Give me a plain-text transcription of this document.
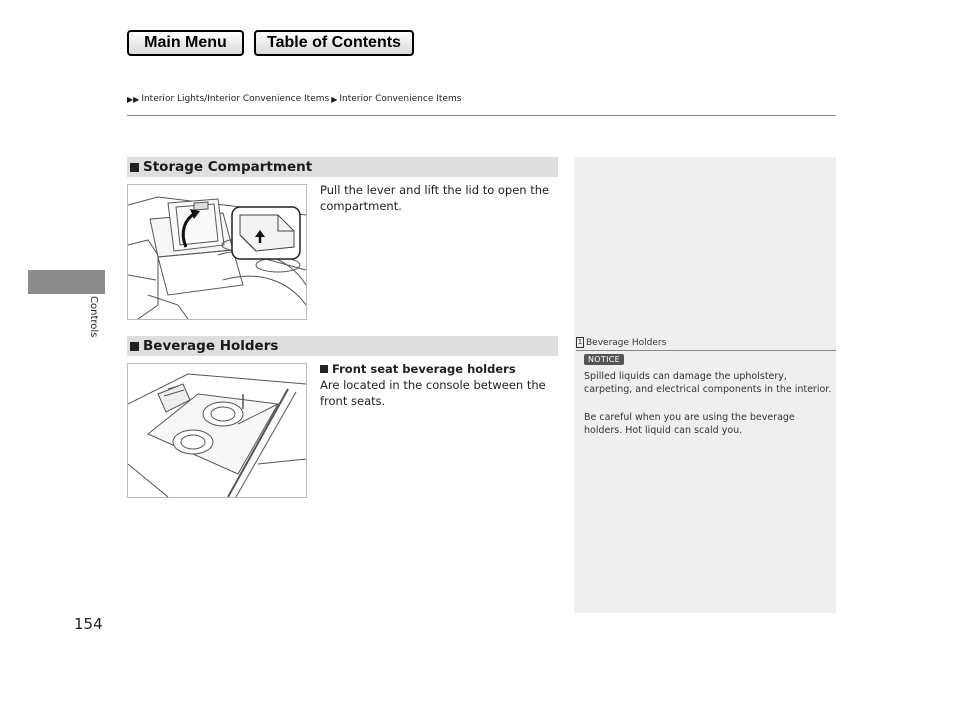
Main Menu	Table of Contents
▶▶ Interior Lights/Interior Convenience Items ▶ Interior Convenience Items
Controls
154
Storage Compartment
Pull the lever and lift the lid to open the compartment.
Beverage Holders
Front seat beverage holders
Are located in the console between the front seats.
1 Beverage Holders
NOTICE
Spilled liquids can damage the upholstery, carpeting, and electrical components in the interior.
Be careful when you are using the beverage holders. Hot liquid can scald you.
